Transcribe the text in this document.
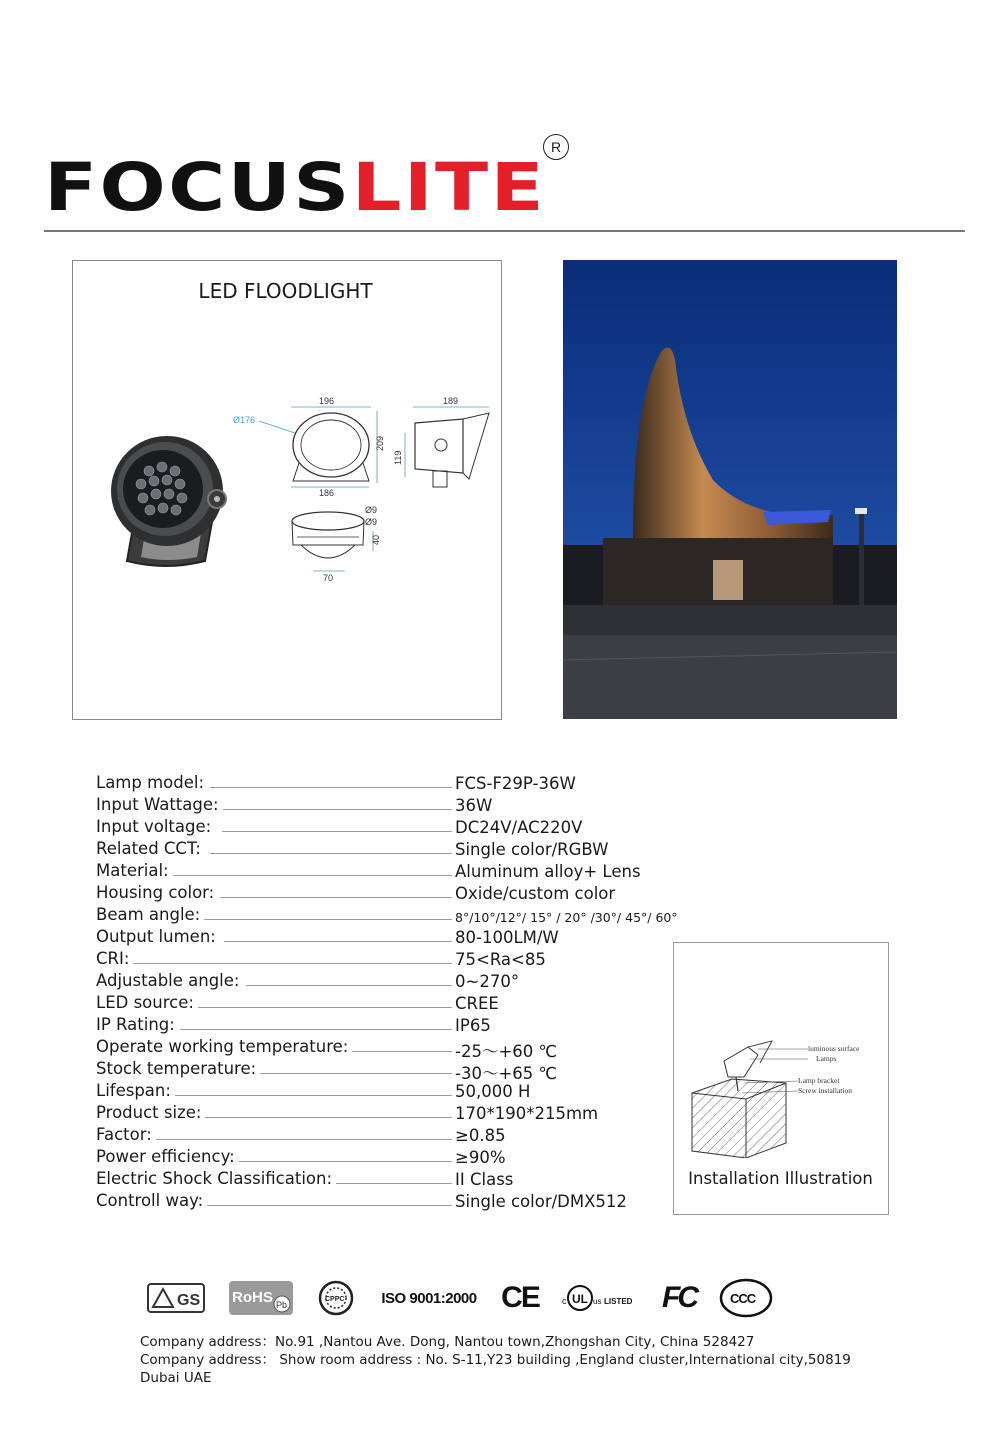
FOCUSLITE
R
LED FLOODLIGHT
196
Ø176
186
209
189
119
70
Ø9
Ø9
40
Lamp model:	FCS-F29P-36W
Input Wattage:	36W
Input voltage:	DC24V/AC220V
Related CCT:	Single color/RGBW
Material:	Aluminum alloy+ Lens
Housing color:	Oxide/custom color
Beam angle:	8°/10°/12°/ 15° / 20° /30°/ 45°/ 60°
Output lumen:	80-100LM/W
CRI:	75<Ra<85
Adjustable angle:	0~270°
LED source:	CREE
IP Rating:	IP65
Operate working temperature:	-25～+60 ℃
Stock temperature:	-30～+65 ℃
Lifespan:	50,000 H
Product size:	170*190*215mm
Factor:	≥0.85
Power efficiency:	≥90%
Electric Shock Classification:	II Class
Controll way:	Single color/DMX512
luminous surface
Lamps
Lamp bracket
Screw installation
Installation Illustration
GS RoHS Pb
CPPC	ISO 9001:2000 CE	c UL us LISTED FC	CCC
Company address：No.91 ,Nantou Ave. Dong, Nantou town,Zhongshan City, China 528427
Company address： Show room address : No. S-11,Y23 building ,England cluster,International city,50819 Dubai UAE
